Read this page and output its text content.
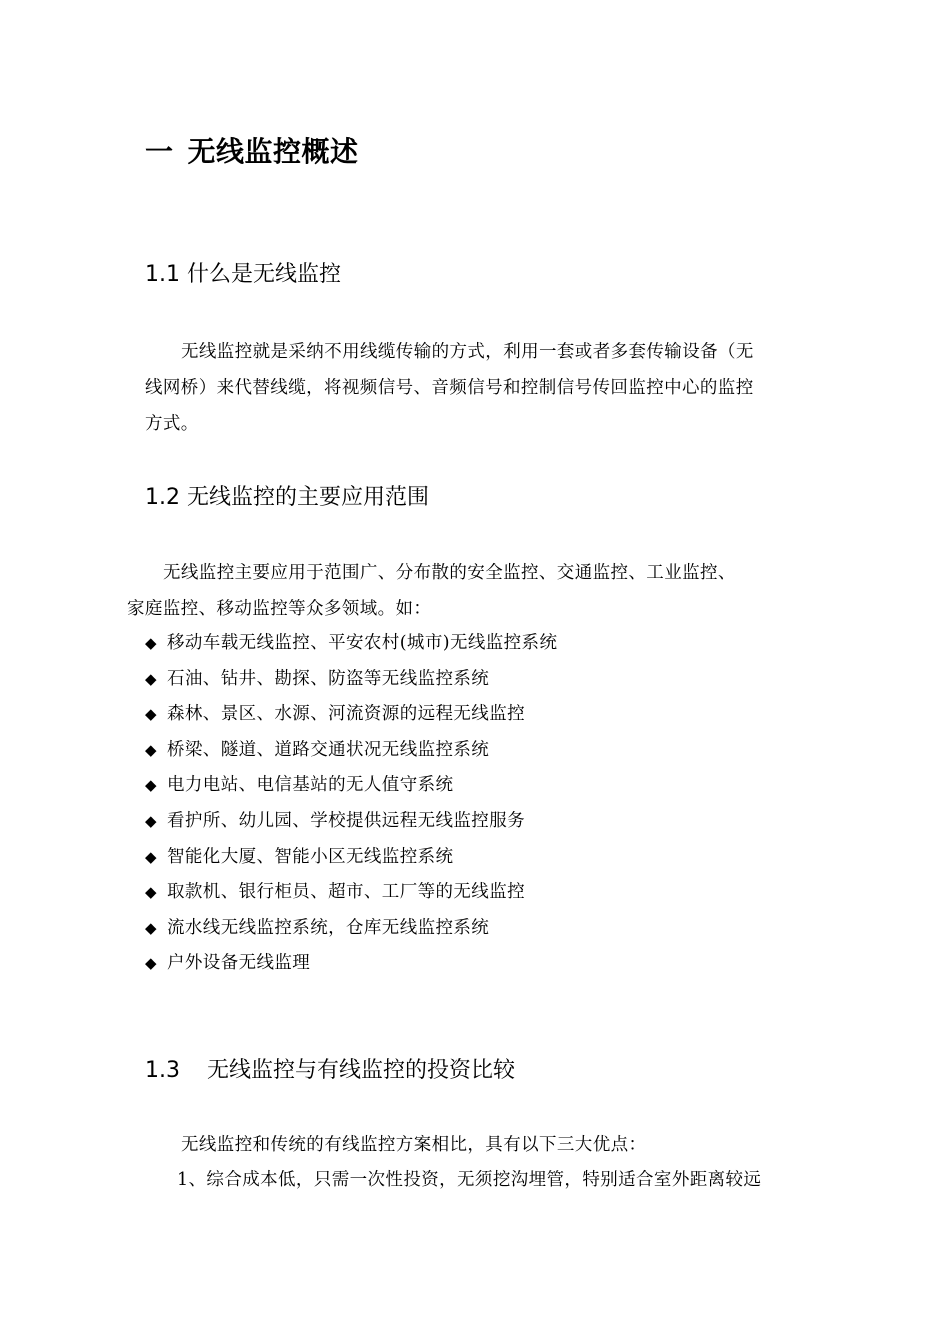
一 无线监控概述
1.1 什么是无线监控

无线监控就是采纳不用线缆传输的方式，利用一套或者多套传输设备（无

线网桥）来代替线缆，将视频信号、音频信号和控制信号传回监控中心的监控

方式。

1.2 无线监控的主要应用范围

无线监控主要应用于范围广、分布散的安全监控、交通监控、工业监控、

家庭监控、移动监控等众多领域。如：

◆ 移动车载无线监控、平安农村(城市)无线监控系统
◆ 石油、钻井、勘探、防盗等无线监控系统
◆ 森林、景区、水源、河流资源的远程无线监控
◆ 桥梁、隧道、道路交通状况无线监控系统
◆ 电力电站、电信基站的无人值守系统
◆ 看护所、幼儿园、学校提供远程无线监控服务
◆ 智能化大厦、智能小区无线监控系统
◆ 取款机、银行柜员、超市、工厂等的无线监控
◆ 流水线无线监控系统，仓库无线监控系统
◆ 户外设备无线监理
1.3 无线监控与有线监控的投资比较

无线监控和传统的有线监控方案相比，具有以下三大优点：

1、综合成本低，只需一次性投资，无须挖沟埋管，特别适合室外距离较远
